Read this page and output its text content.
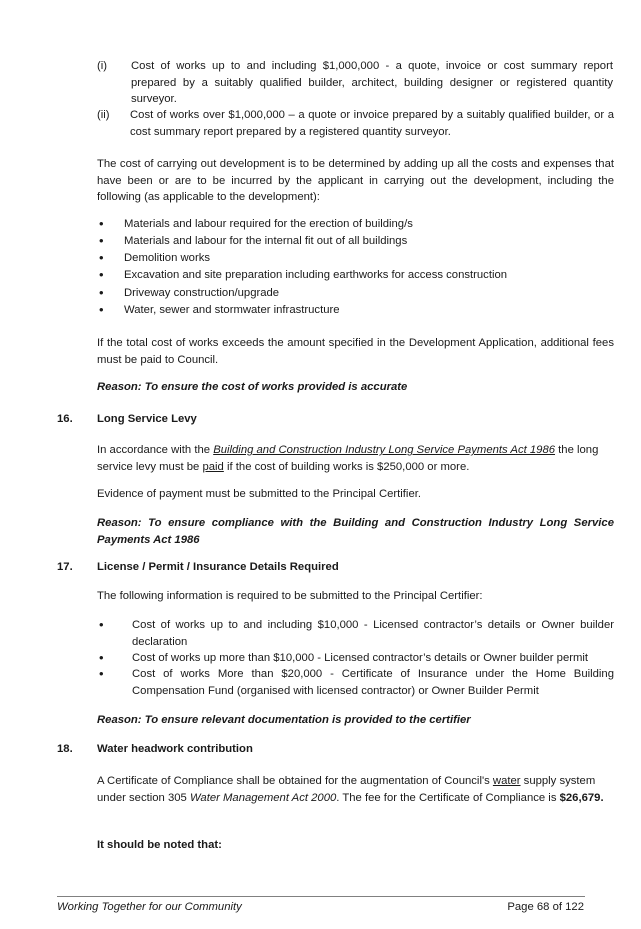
(i)	Cost of works up to and including $1,000,000 - a quote, invoice or cost summary report prepared by a suitably qualified builder, architect, building designer or registered quantity surveyor.
(ii)	Cost of works over $1,000,000 – a quote or invoice prepared by a suitably qualified builder, or a cost summary report prepared by a registered quantity surveyor.
The cost of carrying out development is to be determined by adding up all the costs and expenses that have been or are to be incurred by the applicant in carrying out the development, including the following (as applicable to the development):
•	Materials and labour required for the erection of building/s
•	Materials and labour for the internal fit out of all buildings
•	Demolition works
•	Excavation and site preparation including earthworks for access construction
•	Driveway construction/upgrade
•	Water, sewer and stormwater infrastructure
If the total cost of works exceeds the amount specified in the Development Application, additional fees must be paid to Council.
Reason: To ensure the cost of works provided is accurate
16. Long Service Levy
In accordance with the Building and Construction Industry Long Service Payments Act 1986 the long service levy must be paid if the cost of building works is $250,000 or more.
Evidence of payment must be submitted to the Principal Certifier.
Reason: To ensure compliance with the Building and Construction Industry Long Service Payments Act 1986
17. License / Permit / Insurance Details Required
The following information is required to be submitted to the Principal Certifier:
•	Cost of works up to and including $10,000 - Licensed contractor’s details or Owner builder declaration
•	Cost of works up more than $10,000 - Licensed contractor’s details or Owner builder permit
•	Cost of works More than $20,000 - Certificate of Insurance under the Home Building Compensation Fund (organised with licensed contractor) or Owner Builder Permit
Reason: To ensure relevant documentation is provided to the certifier
18. Water headwork contribution
A Certificate of Compliance shall be obtained for the augmentation of Council's water supply system under section 305 Water Management Act 2000. The fee for the Certificate of Compliance is $26,679.
It should be noted that:
Working Together for our Community	Page 68 of 122
